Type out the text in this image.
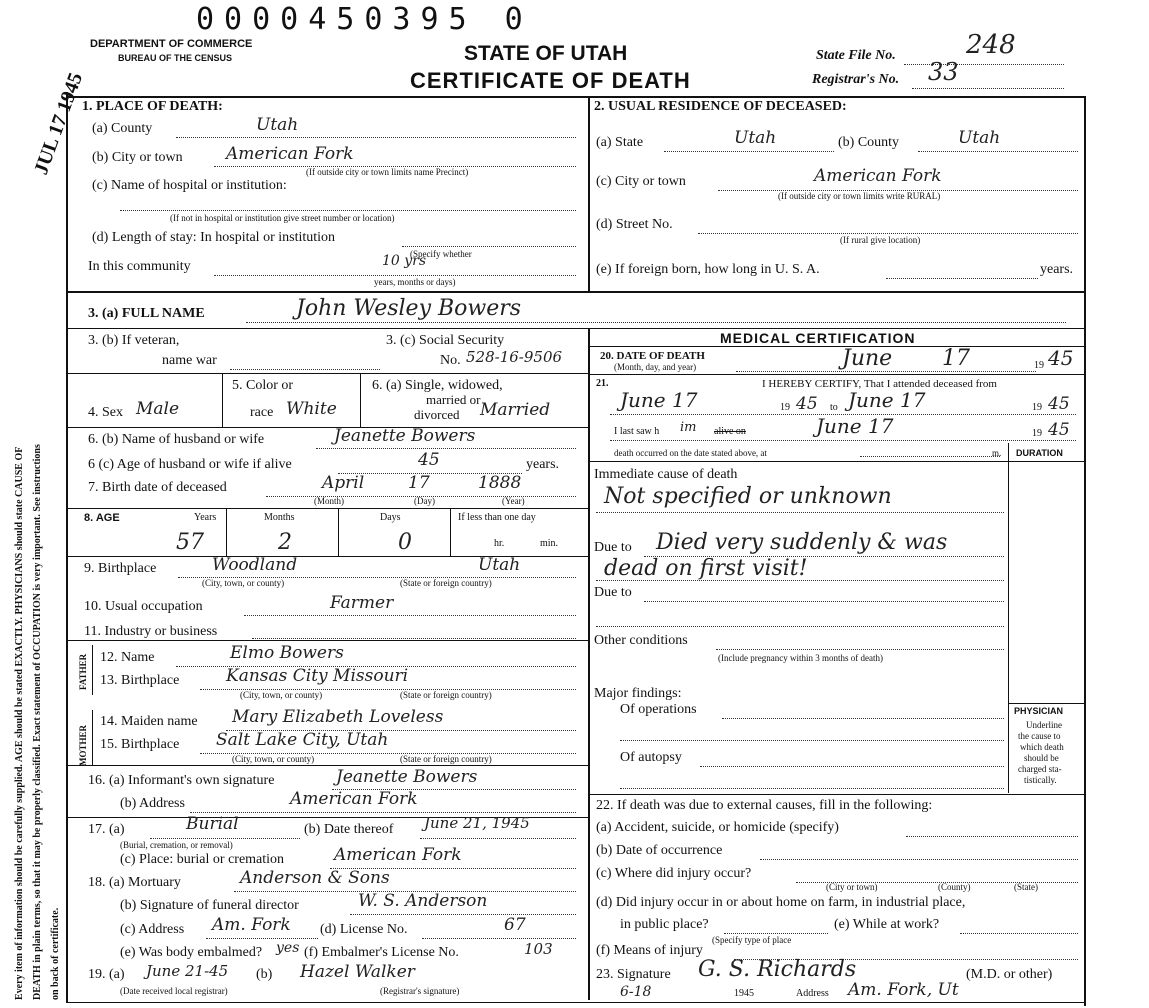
Every item of information should be carefully supplied. AGE should be stated EXACTLY. PHYSICIANS should state CAUSE OF DEATH in plain terms, so that it may be properly classified. Exact statement of OCCUPATION is very important. See instructions on back of certificate.
JUL 17 1945
0000450395 0
DEPARTMENT OF COMMERCE
BUREAU OF THE CENSUS	STATE OF UTAH
CERTIFICATE OF DEATH
State File No.	248
Registrar's No. 33
1. PLACE OF DEATH:
(a) County	Utah
(b) City or town	American Fork
(If outside city or town limits name Precinct)
(c) Name of hospital or institution:
(If not in hospital or institution give street number or location)
(d) Length of stay: In hospital or institution
(Specify whether
In this community	10 yrs
years, months or days)
2. USUAL RESIDENCE OF DECEASED:
(a) State	Utah	(b) County	Utah
(c) City or town	American Fork
(If outside city or town limits write RURAL)
(d) Street No.
(If rural give location)
(e) If foreign born, how long in U. S. A.	years.
3. (a) FULL NAME	John Wesley Bowers
3. (b) If veteran,
name war
3. (c) Social Security
No. 528-16-9506
4. Sex Male
5. Color or
race White
6. (a) Single, widowed,
married or
divorced Married
6. (b) Name of husband or wife	Jeanette Bowers
6 (c) Age of husband or wife if alive	45	years.
7. Birth date of deceased	April	17	1888
(Month)	(Day)	(Year)
8. AGE	Years	Months	Days	If less than one day
57	2	0	hr.	min.
9. Birthplace	Woodland	Utah
(City, town, or county)	(State or foreign country)
10. Usual occupation	Farmer
11. Industry or business
FATHER
MOTHER
12. Name	Elmo Bowers
13. Birthplace	Kansas City Missouri
(City, town, or county)	(State or foreign country)
14. Maiden name Mary Elizabeth Loveless
15. Birthplace Salt Lake City, Utah
(City, town, or county)	(State or foreign country)
16. (a) Informant's own signature	Jeanette Bowers
(b) Address	American Fork
17. (a)	Burial
(Burial, cremation, or removal)
(b) Date thereof June 21, 1945
(c) Place: burial or cremation	American Fork
18. (a) Mortuary	Anderson & Sons
(b) Signature of funeral director	W. S. Anderson
(c) Address Am. Fork (d) License No.	67
(e) Was body embalmed? yes (f) Embalmer's License No.	103
19. (a) June 21-45
(Date received local registrar)
(b) Hazel Walker
(Registrar's signature)
MEDICAL CERTIFICATION
20. DATE OF DEATH
(Month, day, and year)	June 17	19 45
21.	I HEREBY CERTIFY, That I attended deceased from
June 17	19 45 to June 17	19 45
I last saw h im alive on	June 17	19 45
death occurred on the date stated above, at	m. DURATION
Immediate cause of death
Not specified or unknown
Due to Died very suddenly & was
dead on first visit!
Due to
Other conditions
(Include pregnancy within 3 months of death)
Major findings:
Of operations
Of autopsy
PHYSICIAN
Underline
the cause to
which death
should be
charged sta-
tistically.
22. If death was due to external causes, fill in the following:
(a) Accident, suicide, or homicide (specify)
(b) Date of occurrence
(c) Where did injury occur?
(City or town)	(County)	(State)
(d) Did injury occur in or about home on farm, in industrial place,
in public place?	(e) While at work?
(Specify type of place
(f) Means of injury
23. Signature G. S. Richards	(M.D. or other)
6-18	1945	Address Am. Fork, Ut
